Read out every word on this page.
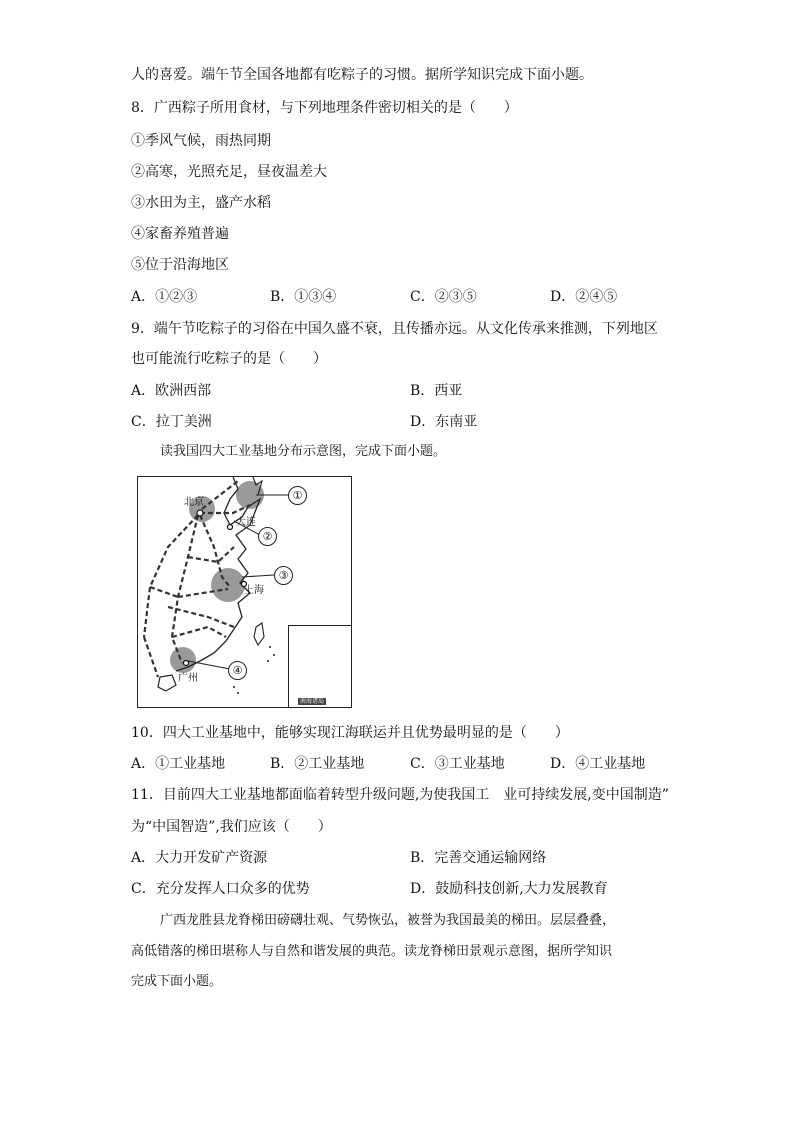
人的喜爱。端午节全国各地都有吃粽子的习惯。据所学知识完成下面小题。
8．广西粽子所用食材，与下列地理条件密切相关的是（　　）
①季风气候，雨热同期
②高寒，光照充足，昼夜温差大
③水田为主，盛产水稻
④家畜养殖普遍
⑤位于沿海地区
A．①②③	B．①③④	C．②③⑤	D．②④⑤
9．端午节吃粽子的习俗在中国久盛不衰，且传播亦远。从文化传承来推测，下列地区
也可能流行吃粽子的是（　　）
A．欧洲西部	B．西亚
C．拉丁美洲	D．东南亚
读我国四大工业基地分布示意图，完成下面小题。
南海诸岛
北京
大连
上海
广州
①
②
③
④
10．四大工业基地中，能够实现江海联运并且优势最明显的是（　　）
A．①工业基地	B．②工业基地	C．③工业基地	D．④工业基地
11．目前四大工业基地都面临着转型升级问题,为使我国工　业可持续发展,变中国制造”
为“中国智造”,我们应该（　　）
A．大力开发矿产资源	B．完善交通运输网络
C．充分发挥人口众多的优势	D．鼓励科技创新,大力发展教育
广西龙胜县龙脊梯田磅礴壮观、气势恢弘，被誉为我国最美的梯田。层层叠叠，
高低错落的梯田堪称人与自然和谐发展的典范。读龙脊梯田景观示意图，据所学知识
完成下面小题。
